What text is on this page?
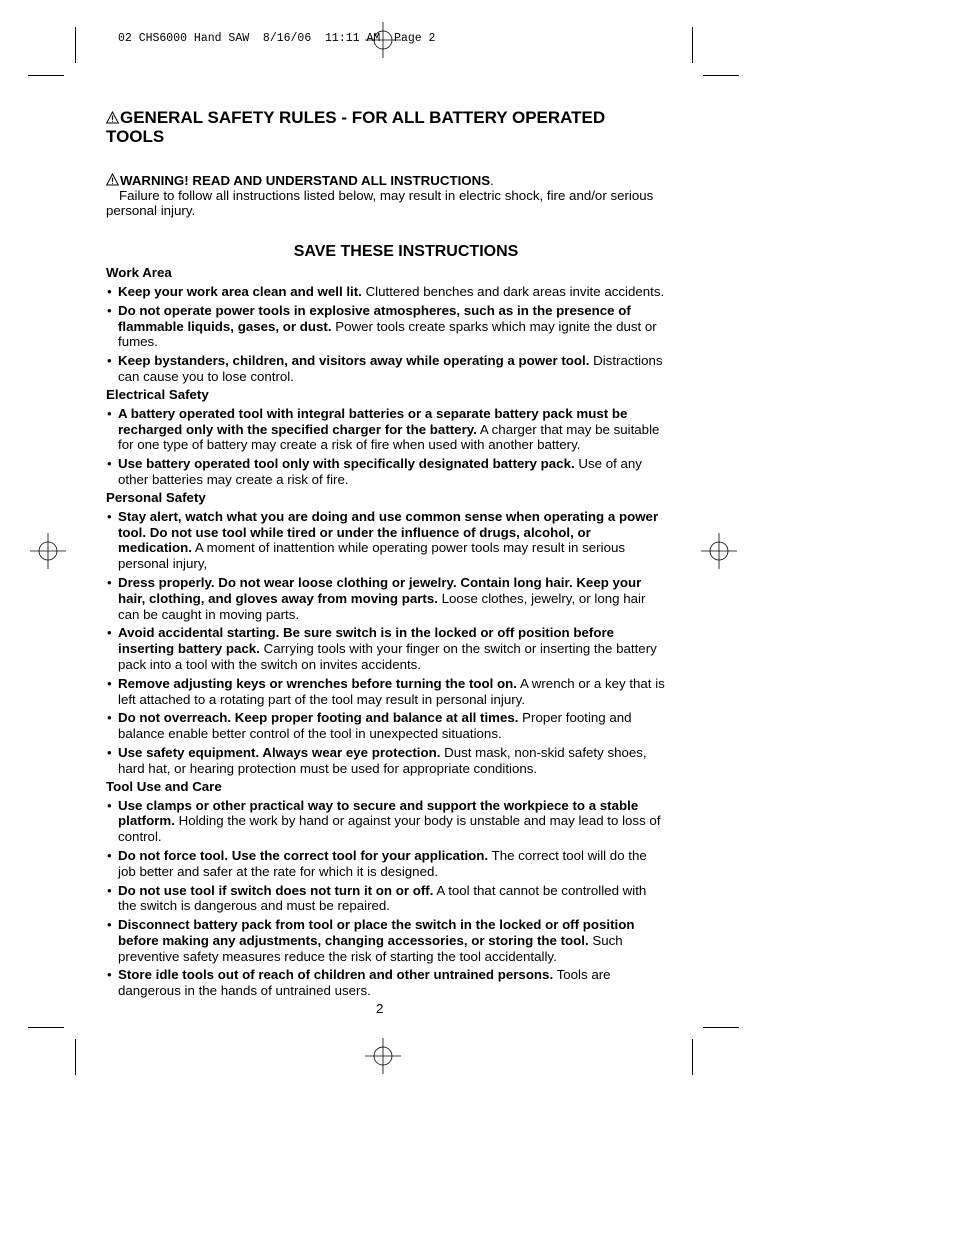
02 CHS6000 Hand SAW  8/16/06  11:11 AM  Page 2
GENERAL SAFETY RULES - FOR ALL BATTERY OPERATED TOOLS
WARNING! READ AND UNDERSTAND ALL INSTRUCTIONS.
Failure to follow all instructions listed below, may result in electric shock, fire and/or serious personal injury.
SAVE THESE INSTRUCTIONS
Work Area
• Keep your work area clean and well lit. Cluttered benches and dark areas invite accidents.
• Do not operate power tools in explosive atmospheres, such as in the presence of flammable liquids, gases, or dust. Power tools create sparks which may ignite the dust or fumes.
• Keep bystanders, children, and visitors away while operating a power tool. Distractions can cause you to lose control.
Electrical Safety
• A battery operated tool with integral batteries or a separate battery pack must be recharged only with the specified charger for the battery. A charger that may be suitable for one type of battery may create a risk of fire when used with another battery.
• Use battery operated tool only with specifically designated battery pack. Use of any other batteries may create a risk of fire.
Personal Safety
• Stay alert, watch what you are doing and use common sense when operating a power tool. Do not use tool while tired or under the influence of drugs, alcohol, or medication. A moment of inattention while operating power tools may result in serious personal injury,
• Dress properly. Do not wear loose clothing or jewelry. Contain long hair. Keep your hair, clothing, and gloves away from moving parts. Loose clothes, jewelry, or long hair can be caught in moving parts.
• Avoid accidental starting. Be sure switch is in the locked or off position before inserting battery pack. Carrying tools with your finger on the switch or inserting the battery pack into a tool with the switch on invites accidents.
• Remove adjusting keys or wrenches before turning the tool on. A wrench or a key that is left attached to a rotating part of the tool may result in personal injury.
• Do not overreach. Keep proper footing and balance at all times. Proper footing and balance enable better control of the tool in unexpected situations.
• Use safety equipment. Always wear eye protection. Dust mask, non-skid safety shoes, hard hat, or hearing protection must be used for appropriate conditions.
Tool Use and Care
• Use clamps or other practical way to secure and support the workpiece to a stable platform. Holding the work by hand or against your body is unstable and may lead to loss of control.
• Do not force tool. Use the correct tool for your application. The correct tool will do the job better and safer at the rate for which it is designed.
• Do not use tool if switch does not turn it on or off. A tool that cannot be controlled with the switch is dangerous and must be repaired.
• Disconnect battery pack from tool or place the switch in the locked or off position before making any adjustments, changing accessories, or storing the tool. Such preventive safety measures reduce the risk of starting the tool accidentally.
• Store idle tools out of reach of children and other untrained persons. Tools are dangerous in the hands of untrained users.
2
